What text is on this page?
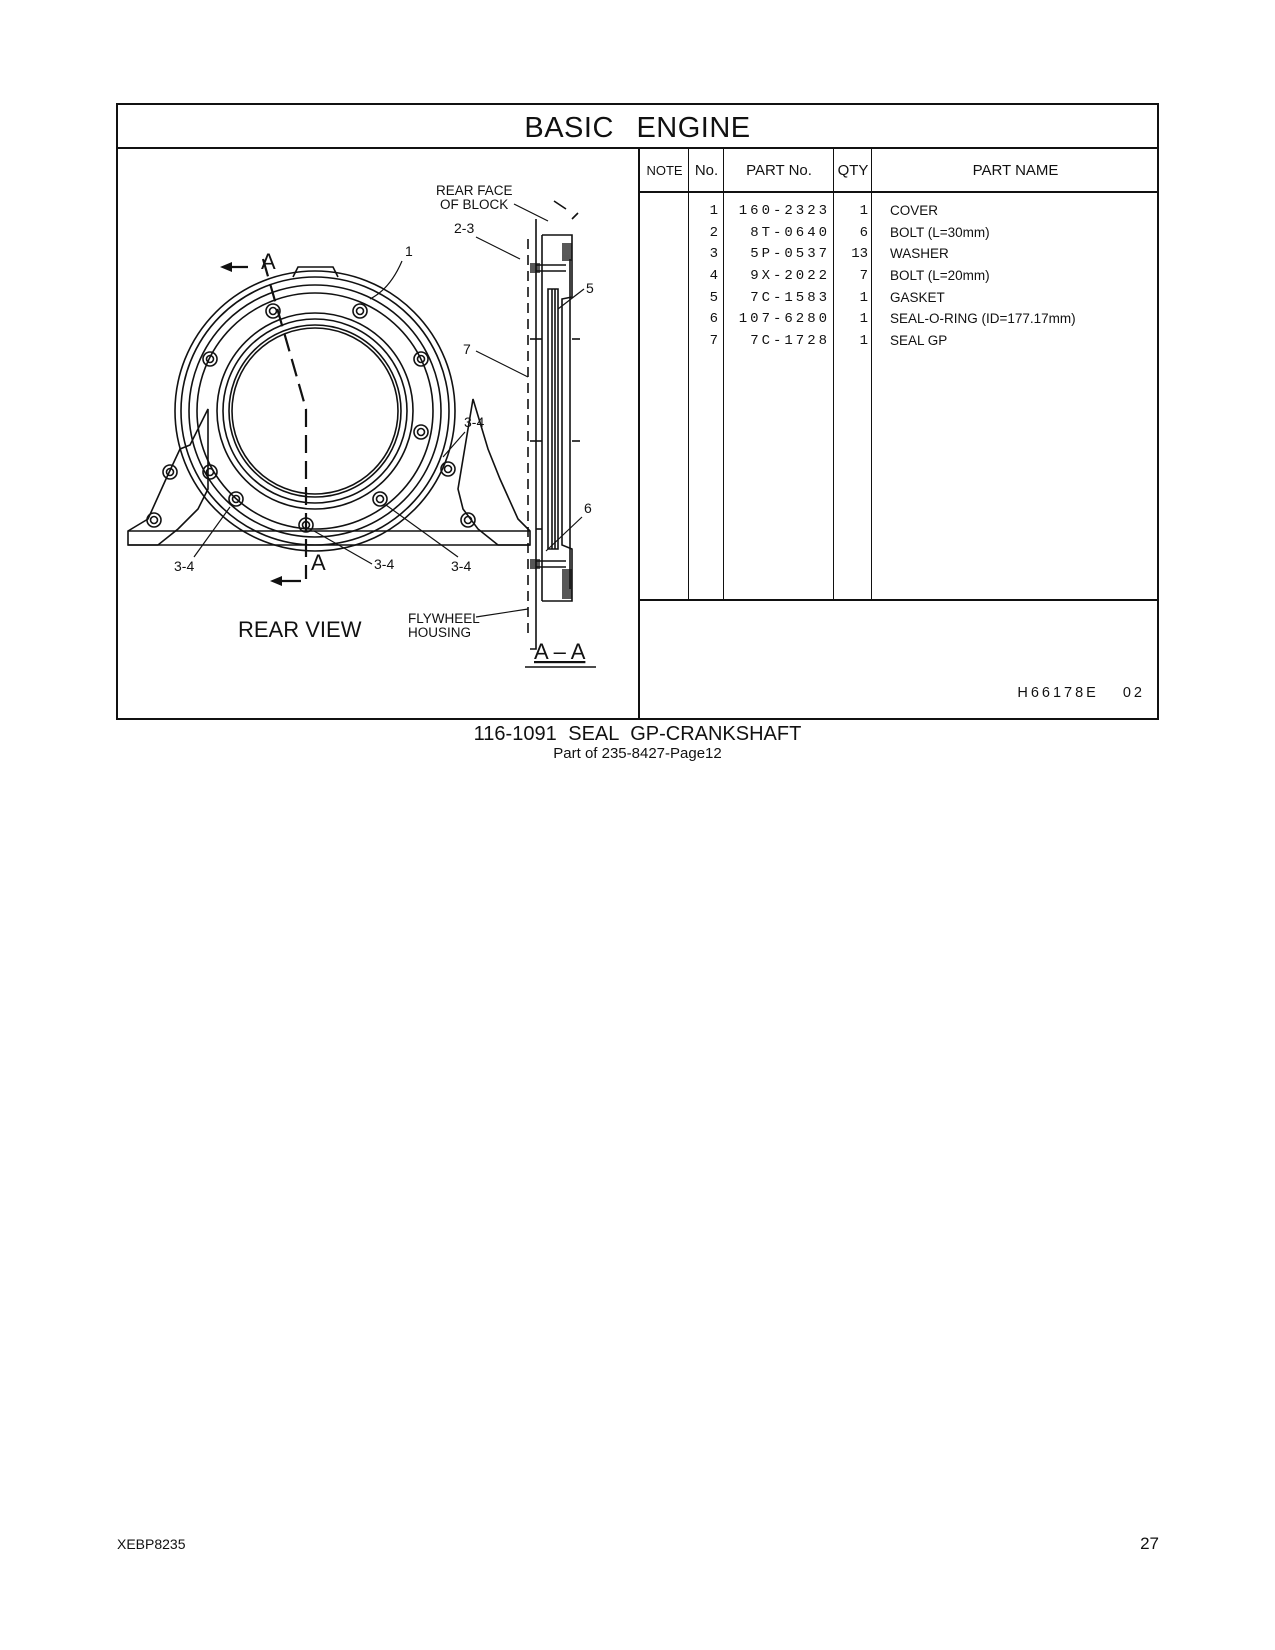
BASIC ENGINE
A
A
A – A
REAR FACE
OF BLOCK
2-3
1
5
7
3-4
6
3-4	3-4	3-4
REAR VIEW	FLYWHEEL
HOUSING
NOTE No.	PART No.	QTY	PART NAME
1	160-2323	1 COVER
2	8T-0640	6 BOLT (L=30mm)
3	5P-0537	13 WASHER
4	9X-2022	7 BOLT (L=20mm)
5	7C-1583	1 GASKET
6	107-6280	1 SEAL-O-RING (ID=177.17mm)
7	7C-1728	1 SEAL GP
H66178E 02
116-1091 SEAL GP-CRANKSHAFT
Part of 235-8427-Page12
XEBP8235	27
